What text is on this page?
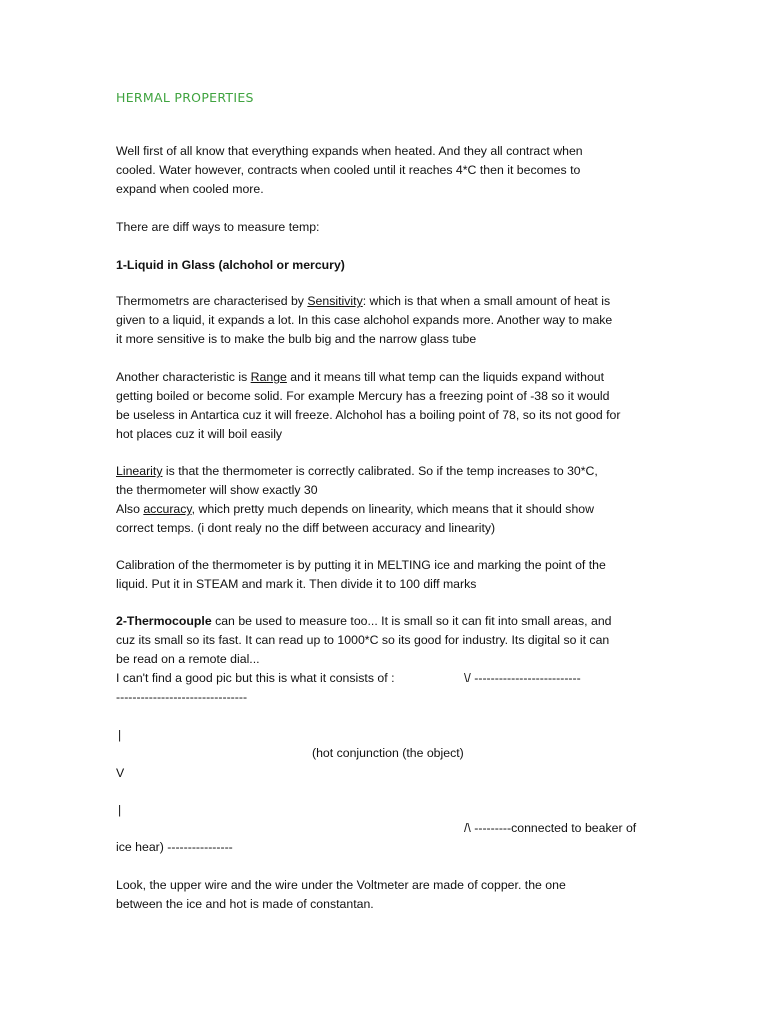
HERMAL PROPERTIES
Well first of all know that everything expands when heated. And they all contract when
cooled. Water however, contracts when cooled until it reaches 4*C then it becomes to
expand when cooled more.
There are diff ways to measure temp:
1-Liquid in Glass (alchohol or mercury)
Thermometrs are characterised by Sensitivity: which is that when a small amount of heat is
given to a liquid, it expands a lot. In this case alchohol expands more. Another way to make
it more sensitive is to make the bulb big and the narrow glass tube
Another characteristic is Range and it means till what temp can the liquids expand without
getting boiled or become solid. For example Mercury has a freezing point of -38 so it would
be useless in Antartica cuz it will freeze. Alchohol has a boiling point of 78, so its not good for
hot places cuz it will boil easily
Linearity is that the thermometer is correctly calibrated. So if the temp increases to 30*C,
the thermometer will show exactly 30
Also accuracy, which pretty much depends on linearity, which means that it should show
correct temps. (i dont realy no the diff between accuracy and linearity)
Calibration of the thermometer is by putting it in MELTING ice and marking the point of the
liquid. Put it in STEAM and mark it. Then divide it to 100 diff marks
2-Thermocouple can be used to measure too... It is small so it can fit into small areas, and
cuz its small so its fast. It can read up to 1000*C so its good for industry. Its digital so it can
be read on a remote dial...
I can't find a good pic but this is what it consists of :	\/ --------------------------
--------------------------------
|
(hot conjunction (the object)
V
|
/\ ---------connected to beaker of
ice hear) ----------------
Look, the upper wire and the wire under the Voltmeter are made of copper. the one
between the ice and hot is made of constantan.
